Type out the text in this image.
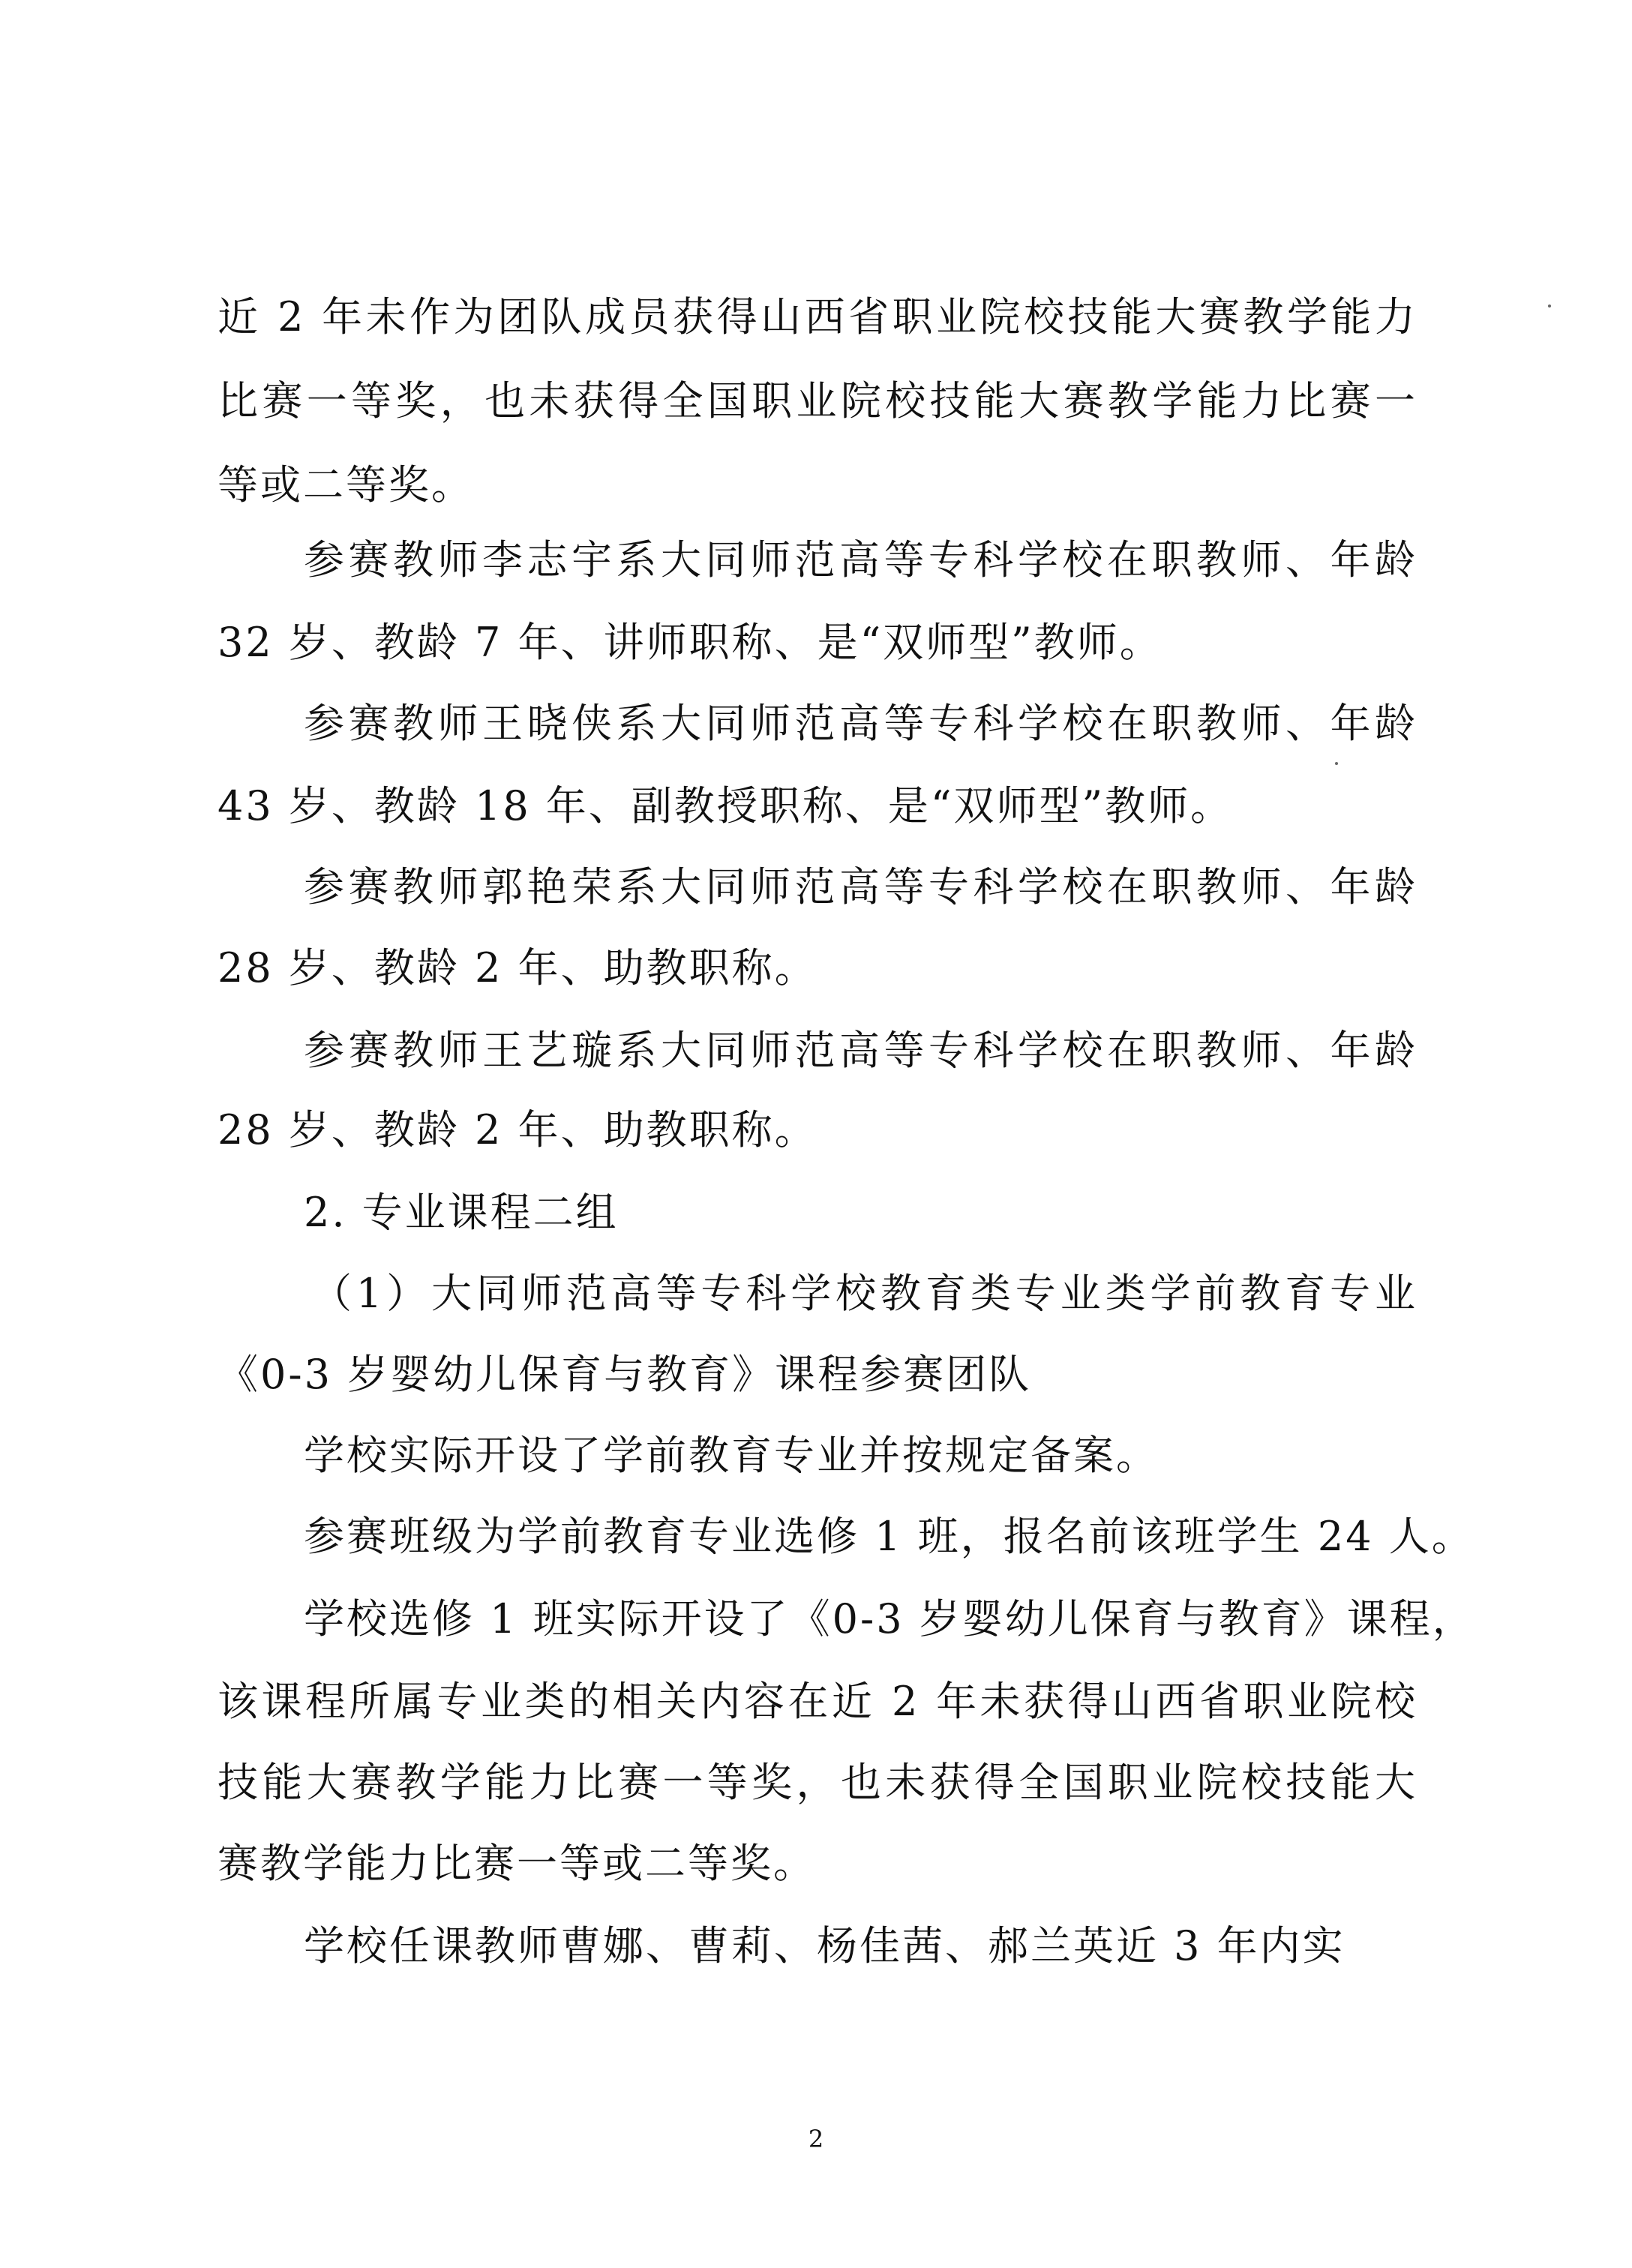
近 2 年未作为团队成员获得山西省职业院校技能大赛教学能力
比赛一等奖，也未获得全国职业院校技能大赛教学能力比赛一
等或二等奖。
参赛教师李志宇系大同师范高等专科学校在职教师、年龄
32 岁、教龄 7 年、讲师职称、是“双师型”教师。
参赛教师王晓侠系大同师范高等专科学校在职教师、年龄
43 岁、教龄 18 年、副教授职称、是“双师型”教师。
参赛教师郭艳荣系大同师范高等专科学校在职教师、年龄
28 岁、教龄 2 年、助教职称。
参赛教师王艺璇系大同师范高等专科学校在职教师、年龄
28 岁、教龄 2 年、助教职称。
2. 专业课程二组
（1）大同师范高等专科学校教育类专业类学前教育专业
《0-3 岁婴幼儿保育与教育》课程参赛团队
学校实际开设了学前教育专业并按规定备案。
参赛班级为学前教育专业选修 1 班，报名前该班学生 24 人。
学校选修 1 班实际开设了《0-3 岁婴幼儿保育与教育》课程，
该课程所属专业类的相关内容在近 2 年未获得山西省职业院校
技能大赛教学能力比赛一等奖，也未获得全国职业院校技能大
赛教学能力比赛一等或二等奖。
学校任课教师曹娜、曹莉、杨佳茜、郝兰英近 3 年内实
2
